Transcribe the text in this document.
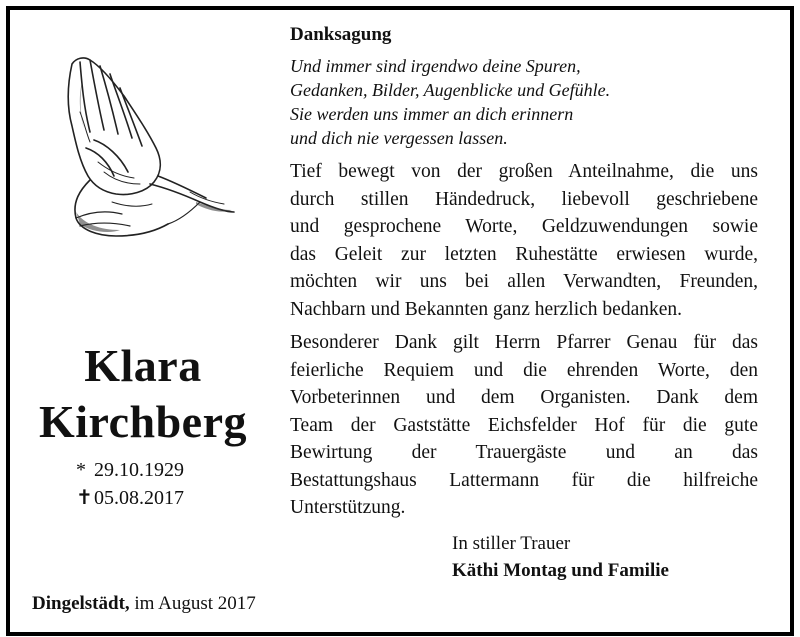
Klara

Kirchberg

* 29.10.1929
✝05.08.2017

Danksagung

Und immer sind irgendwo deine Spuren,
Gedanken, Bilder, Augenblicke und Gefühle.
Sie werden uns immer an dich erinnern
und dich nie vergessen lassen.
Tief bewegt von der großen Anteilnahme, die uns
durch stillen Händedruck, liebevoll geschriebene
und gesprochene Worte, Geldzuwendungen sowie
das Geleit zur letzten Ruhestätte erwiesen wurde,
möchten wir uns bei allen Verwandten, Freunden,
Nachbarn und Bekannten ganz herzlich bedanken.
Besonderer Dank gilt Herrn Pfarrer Genau für das
feierliche Requiem und die ehrenden Worte, den
Vorbeterinnen und dem Organisten. Dank dem
Team der Gaststätte Eichsfelder Hof für die gute
Bewirtung der Trauergäste und an das
Bestattungshaus Lattermann für die hilfreiche
Unterstützung.
In stiller Trauer
Käthi Montag und Familie
Dingelstädt, im August 2017
